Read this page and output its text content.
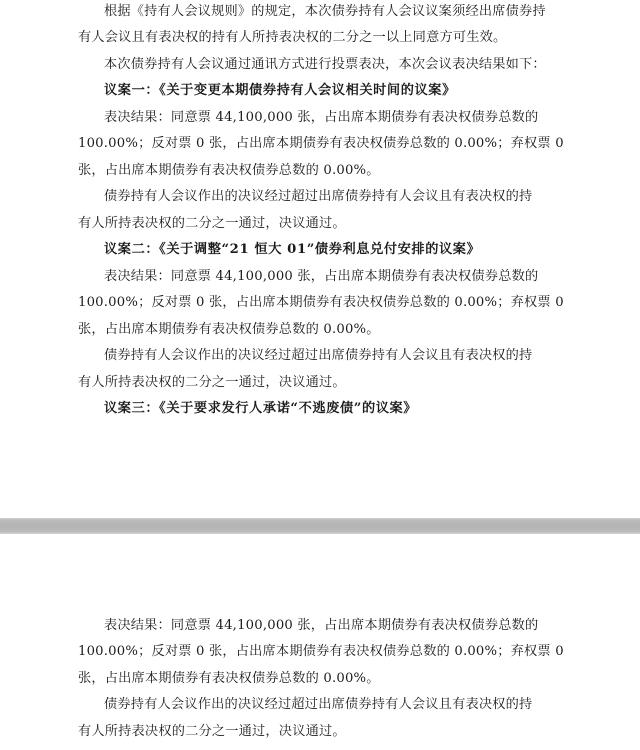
根据《持有人会议规则》的规定，本次债券持有人会议议案须经出席债券持
有人会议且有表决权的持有人所持表决权的二分之一以上同意方可生效。
本次债券持有人会议通过通讯方式进行投票表决，本次会议表决结果如下：
议案一：《关于变更本期债券持有人会议相关时间的议案》
表决结果：同意票 44,100,000 张，占出席本期债券有表决权债券总数的
100.00%；反对票 0 张，占出席本期债券有表决权债券总数的 0.00%；弃权票 0
张，占出席本期债券有表决权债券总数的 0.00%。
债券持有人会议作出的决议经过超过出席债券持有人会议且有表决权的持
有人所持表决权的二分之一通过，决议通过。
议案二：《关于调整“21 恒大 01”债券利息兑付安排的议案》
表决结果：同意票 44,100,000 张，占出席本期债券有表决权债券总数的
100.00%；反对票 0 张，占出席本期债券有表决权债券总数的 0.00%；弃权票 0
张，占出席本期债券有表决权债券总数的 0.00%。
债券持有人会议作出的决议经过超过出席债券持有人会议且有表决权的持
有人所持表决权的二分之一通过，决议通过。
议案三：《关于要求发行人承诺“不逃废债”的议案》
表决结果：同意票 44,100,000 张，占出席本期债券有表决权债券总数的
100.00%；反对票 0 张，占出席本期债券有表决权债券总数的 0.00%；弃权票 0
张，占出席本期债券有表决权债券总数的 0.00%。
债券持有人会议作出的决议经过超过出席债券持有人会议且有表决权的持
有人所持表决权的二分之一通过，决议通过。
